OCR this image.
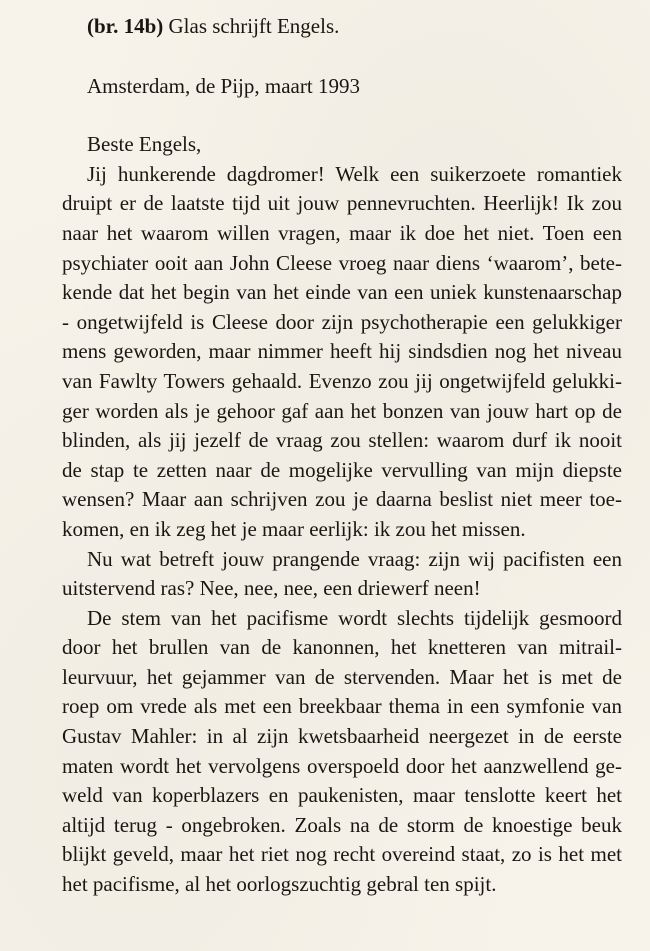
(br. 14b) Glas schrijft Engels.
Amsterdam, de Pijp, maart 1993
Beste Engels,
Jij hunkerende dagdromer! Welk een suikerzoete romantiek
druipt er de laatste tijd uit jouw pennevruchten. Heerlijk! Ik zou
naar het waarom willen vragen, maar ik doe het niet. Toen een
psychiater ooit aan John Cleese vroeg naar diens ‘waarom’, bete-
kende dat het begin van het einde van een uniek kunstenaarschap
- ongetwijfeld is Cleese door zijn psychotherapie een gelukkiger
mens geworden, maar nimmer heeft hij sindsdien nog het niveau
van Fawlty Towers gehaald. Evenzo zou jij ongetwijfeld gelukki-
ger worden als je gehoor gaf aan het bonzen van jouw hart op de
blinden, als jij jezelf de vraag zou stellen: waarom durf ik nooit
de stap te zetten naar de mogelijke vervulling van mijn diepste
wensen? Maar aan schrijven zou je daarna beslist niet meer toe-
komen, en ik zeg het je maar eerlijk: ik zou het missen.
Nu wat betreft jouw prangende vraag: zijn wij pacifisten een
uitstervend ras? Nee, nee, nee, een driewerf neen!
De stem van het pacifisme wordt slechts tijdelijk gesmoord
door het brullen van de kanonnen, het knetteren van mitrail-
leurvuur, het gejammer van de stervenden. Maar het is met de
roep om vrede als met een breekbaar thema in een symfonie van
Gustav Mahler: in al zijn kwetsbaarheid neergezet in de eerste
maten wordt het vervolgens overspoeld door het aanzwellend ge-
weld van koperblazers en paukenisten, maar tenslotte keert het
altijd terug - ongebroken. Zoals na de storm de knoestige beuk
blijkt geveld, maar het riet nog recht overeind staat, zo is het met
het pacifisme, al het oorlogszuchtig gebral ten spijt.
